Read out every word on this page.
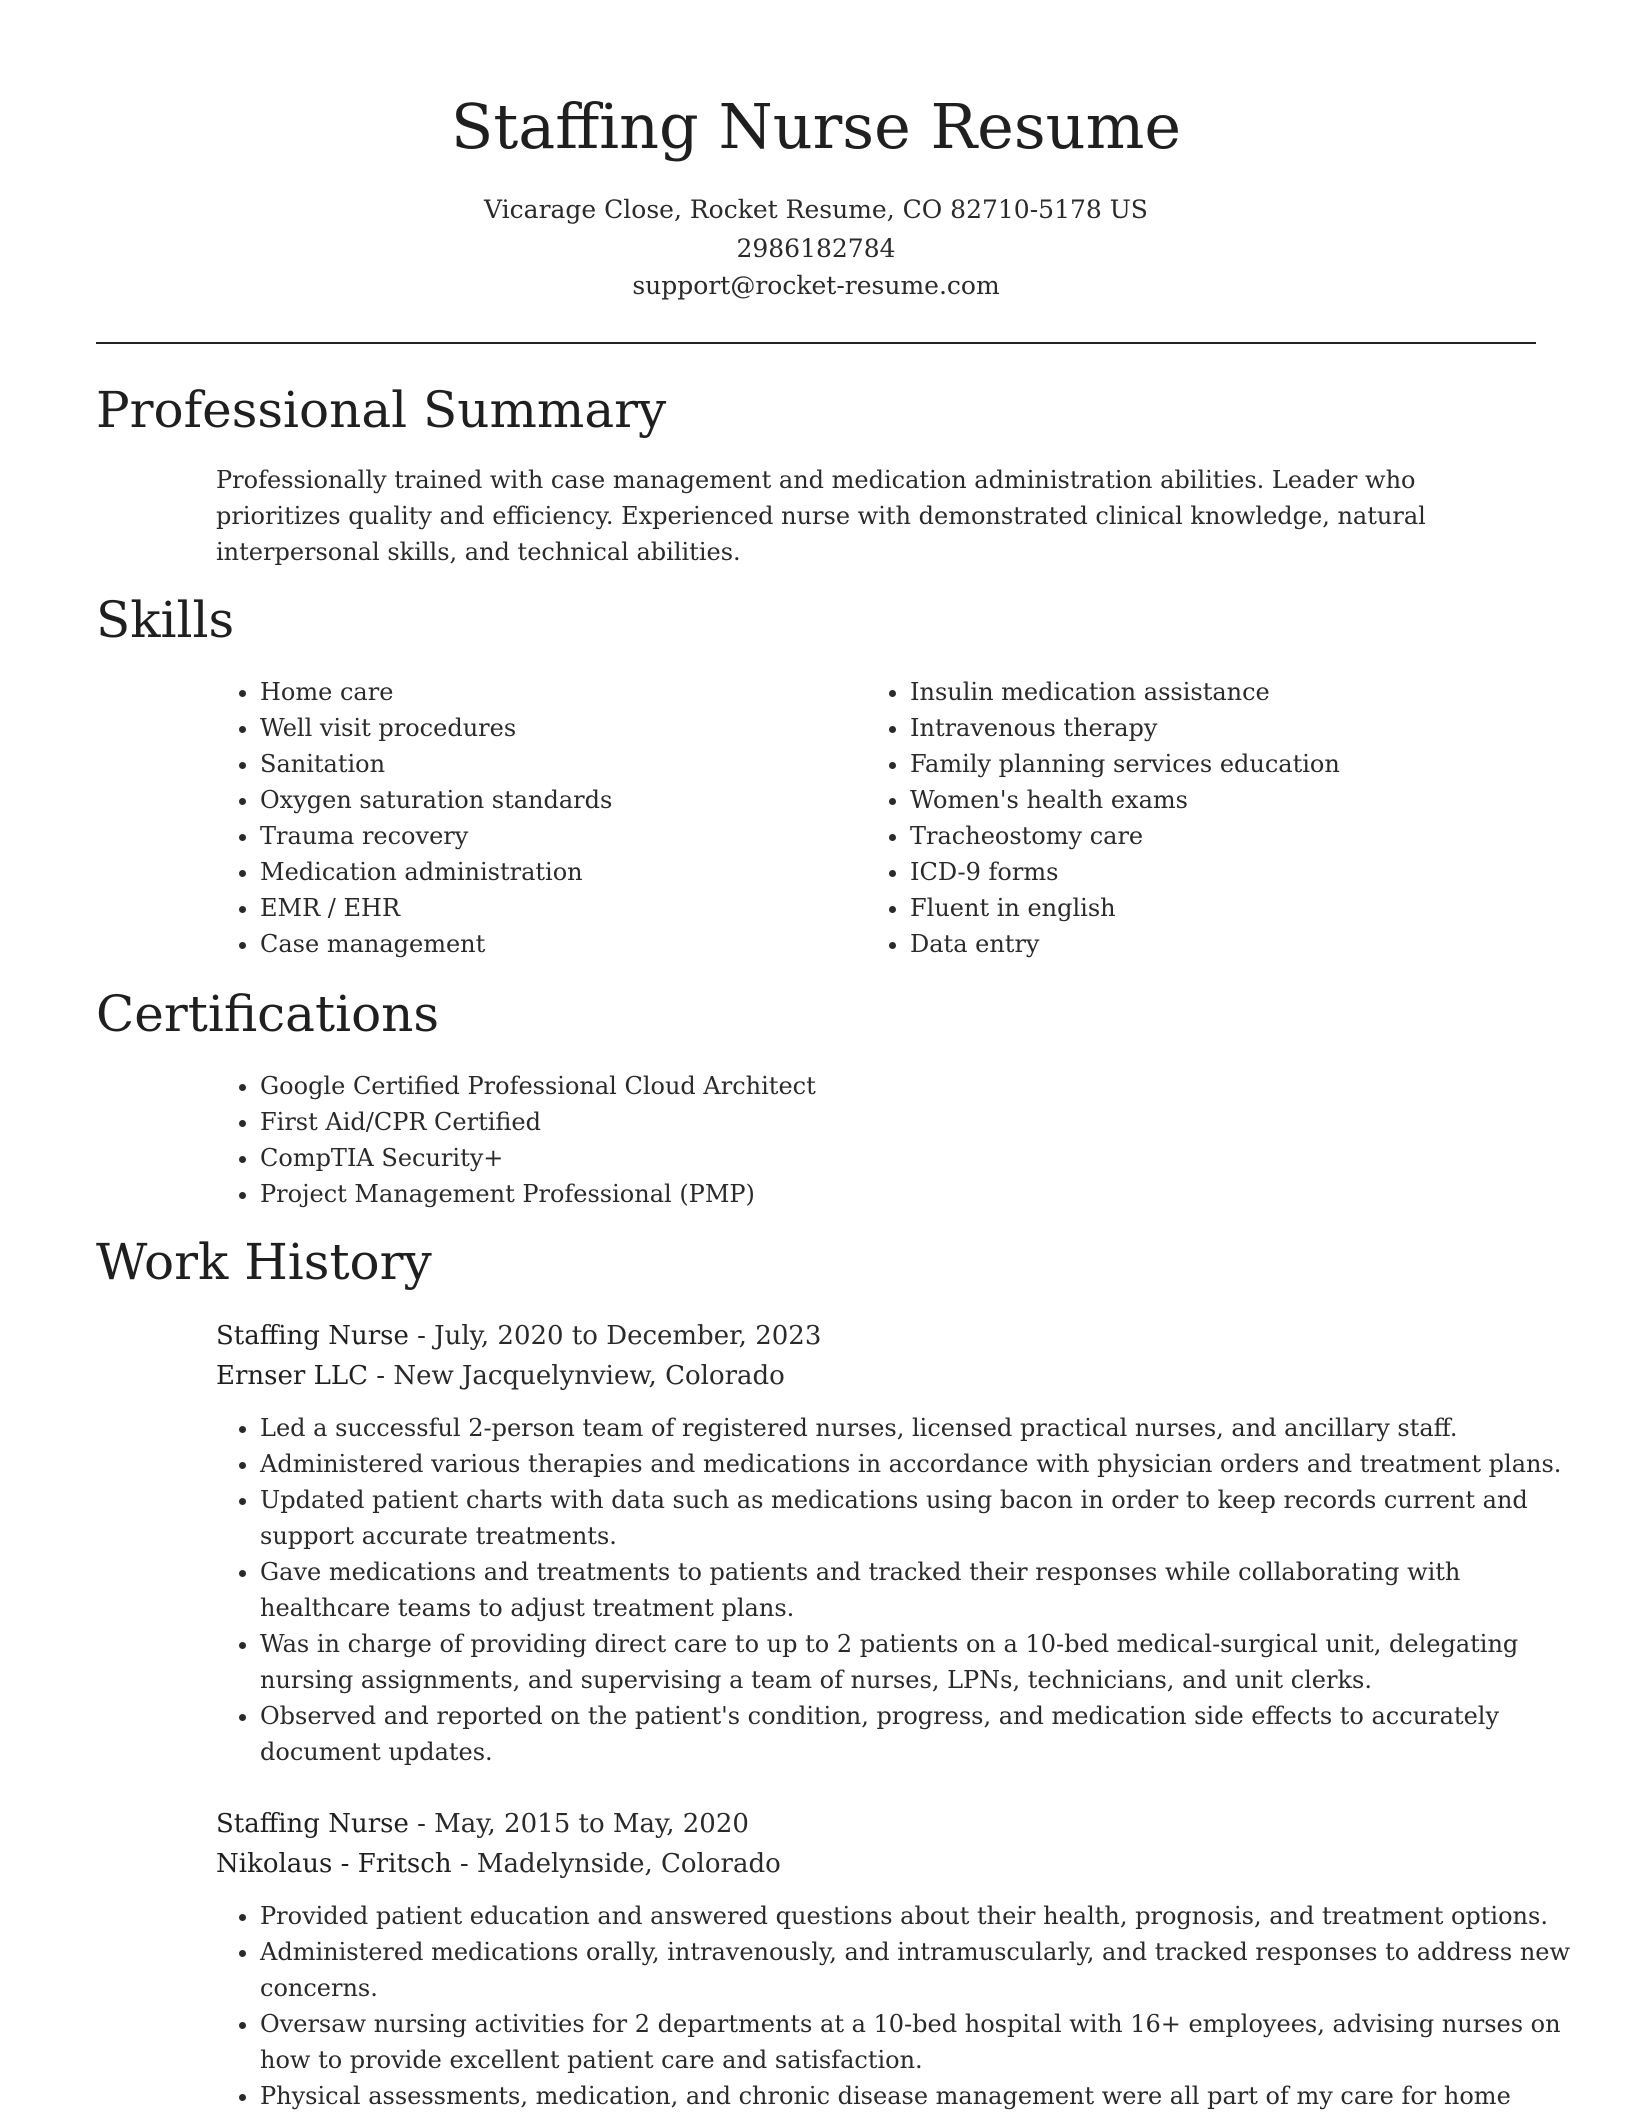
Staffing Nurse Resume
Vicarage Close, Rocket Resume, CO 82710-5178 US
2986182784
support@rocket-resume.com
Professional Summary

Professionally trained with case management and medication administration abilities. Leader who prioritizes quality and efficiency. Experienced nurse with demonstrated clinical knowledge, natural interpersonal skills, and technical abilities.

Skills
• Home care
• Well visit procedures
• Sanitation
• Oxygen saturation standards
• Trauma recovery
• Medication administration
• EMR / EHR
• Case management
• Insulin medication assistance
• Intravenous therapy
• Family planning services education
• Women's health exams
• Tracheostomy care
• ICD-9 forms
• Fluent in english
• Data entry
Certifications
• Google Certified Professional Cloud Architect
• First Aid/CPR Certified
• CompTIA Security+
• Project Management Professional (PMP)
Work History
Staffing Nurse - July, 2020 to December, 2023
Ernser LLC - New Jacquelynview, Colorado
• Led a successful 2-person team of registered nurses, licensed practical nurses, and ancillary staff.
• Administered various therapies and medications in accordance with physician orders and treatment plans.
• Updated patient charts with data such as medications using bacon in order to keep records current and support accurate treatments.
• Gave medications and treatments to patients and tracked their responses while collaborating with healthcare teams to adjust treatment plans.
• Was in charge of providing direct care to up to 2 patients on a 10-bed medical-surgical unit, delegating nursing assignments, and supervising a team of nurses, LPNs, technicians, and unit clerks.
• Observed and reported on the patient's condition, progress, and medication side effects to accurately document updates.
Staffing Nurse - May, 2015 to May, 2020
Nikolaus - Fritsch - Madelynside, Colorado
• Provided patient education and answered questions about their health, prognosis, and treatment options.
• Administered medications orally, intravenously, and intramuscularly, and tracked responses to address new concerns.
• Oversaw nursing activities for 2 departments at a 10-bed hospital with 16+ employees, advising nurses on how to provide excellent patient care and satisfaction.
• Physical assessments, medication, and chronic disease management were all part of my care for home
